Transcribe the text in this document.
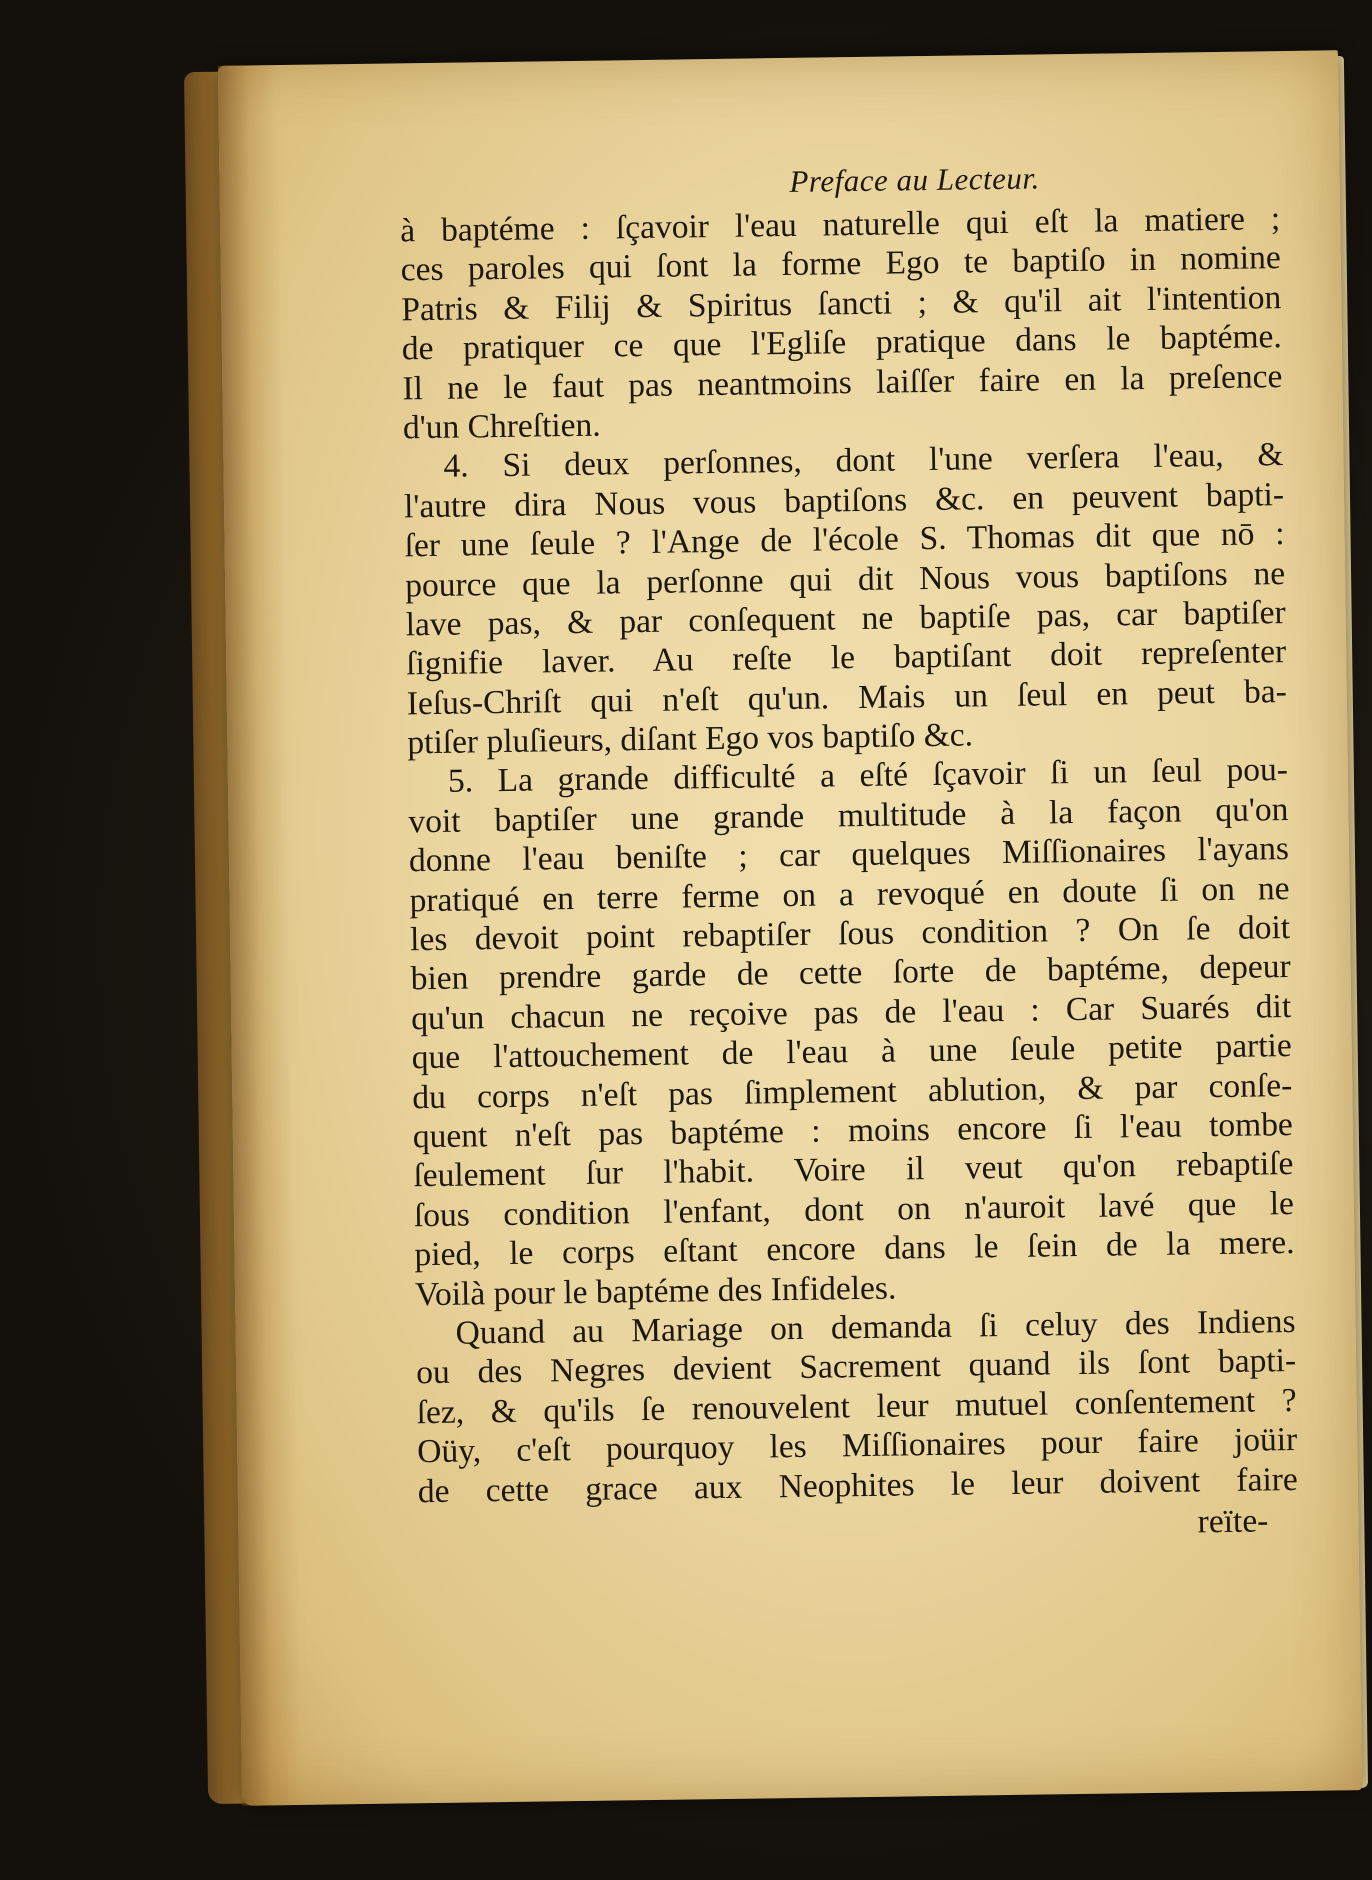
Preface au Lecteur.
à baptéme : ſçavoir l'eau naturelle qui eſt la matiere ;
ces paroles qui ſont la forme Ego te baptiſo in nomine
Patris & Filij & Spiritus ſancti ; & qu'il ait l'intention
de pratiquer ce que l'Egliſe pratique dans le baptéme.
Il ne le faut pas neantmoins laiſſer faire en la preſence
d'un Chreſtien.
4. Si deux perſonnes, dont l'une verſera l'eau, &
l'autre dira Nous vous baptiſons &c. en peuvent bapti-
ſer une ſeule ? l'Ange de l'école S. Thomas dit que nō :
pource que la perſonne qui dit Nous vous baptiſons ne
lave pas, & par conſequent ne baptiſe pas, car baptiſer
ſignifie laver. Au reſte le baptiſant doit repreſenter
Ieſus-Chriſt qui n'eſt qu'un. Mais un ſeul en peut ba-
ptiſer pluſieurs, diſant Ego vos baptiſo &c.
5. La grande difficulté a eſté ſçavoir ſi un ſeul pou-
voit baptiſer une grande multitude à la façon qu'on
donne l'eau beniſte ; car quelques Miſſionaires l'ayans
pratiqué en terre ferme on a revoqué en doute ſi on ne
les devoit point rebaptiſer ſous condition ? On ſe doit
bien prendre garde de cette ſorte de baptéme, depeur
qu'un chacun ne reçoive pas de l'eau : Car Suarés dit
que l'attouchement de l'eau à une ſeule petite partie
du corps n'eſt pas ſimplement ablution, & par conſe-
quent n'eſt pas baptéme : moins encore ſi l'eau tombe
ſeulement ſur l'habit. Voire il veut qu'on rebaptiſe
ſous condition l'enfant, dont on n'auroit lavé que le
pied, le corps eſtant encore dans le ſein de la mere.
Voilà pour le baptéme des Infideles.
Quand au Mariage on demanda ſi celuy des Indiens
ou des Negres devient Sacrement quand ils ſont bapti-
ſez, & qu'ils ſe renouvelent leur mutuel conſentement ?
Oüy, c'eſt pourquoy les Miſſionaires pour faire joüir
de cette grace aux Neophites le leur doivent faire
reïte-
